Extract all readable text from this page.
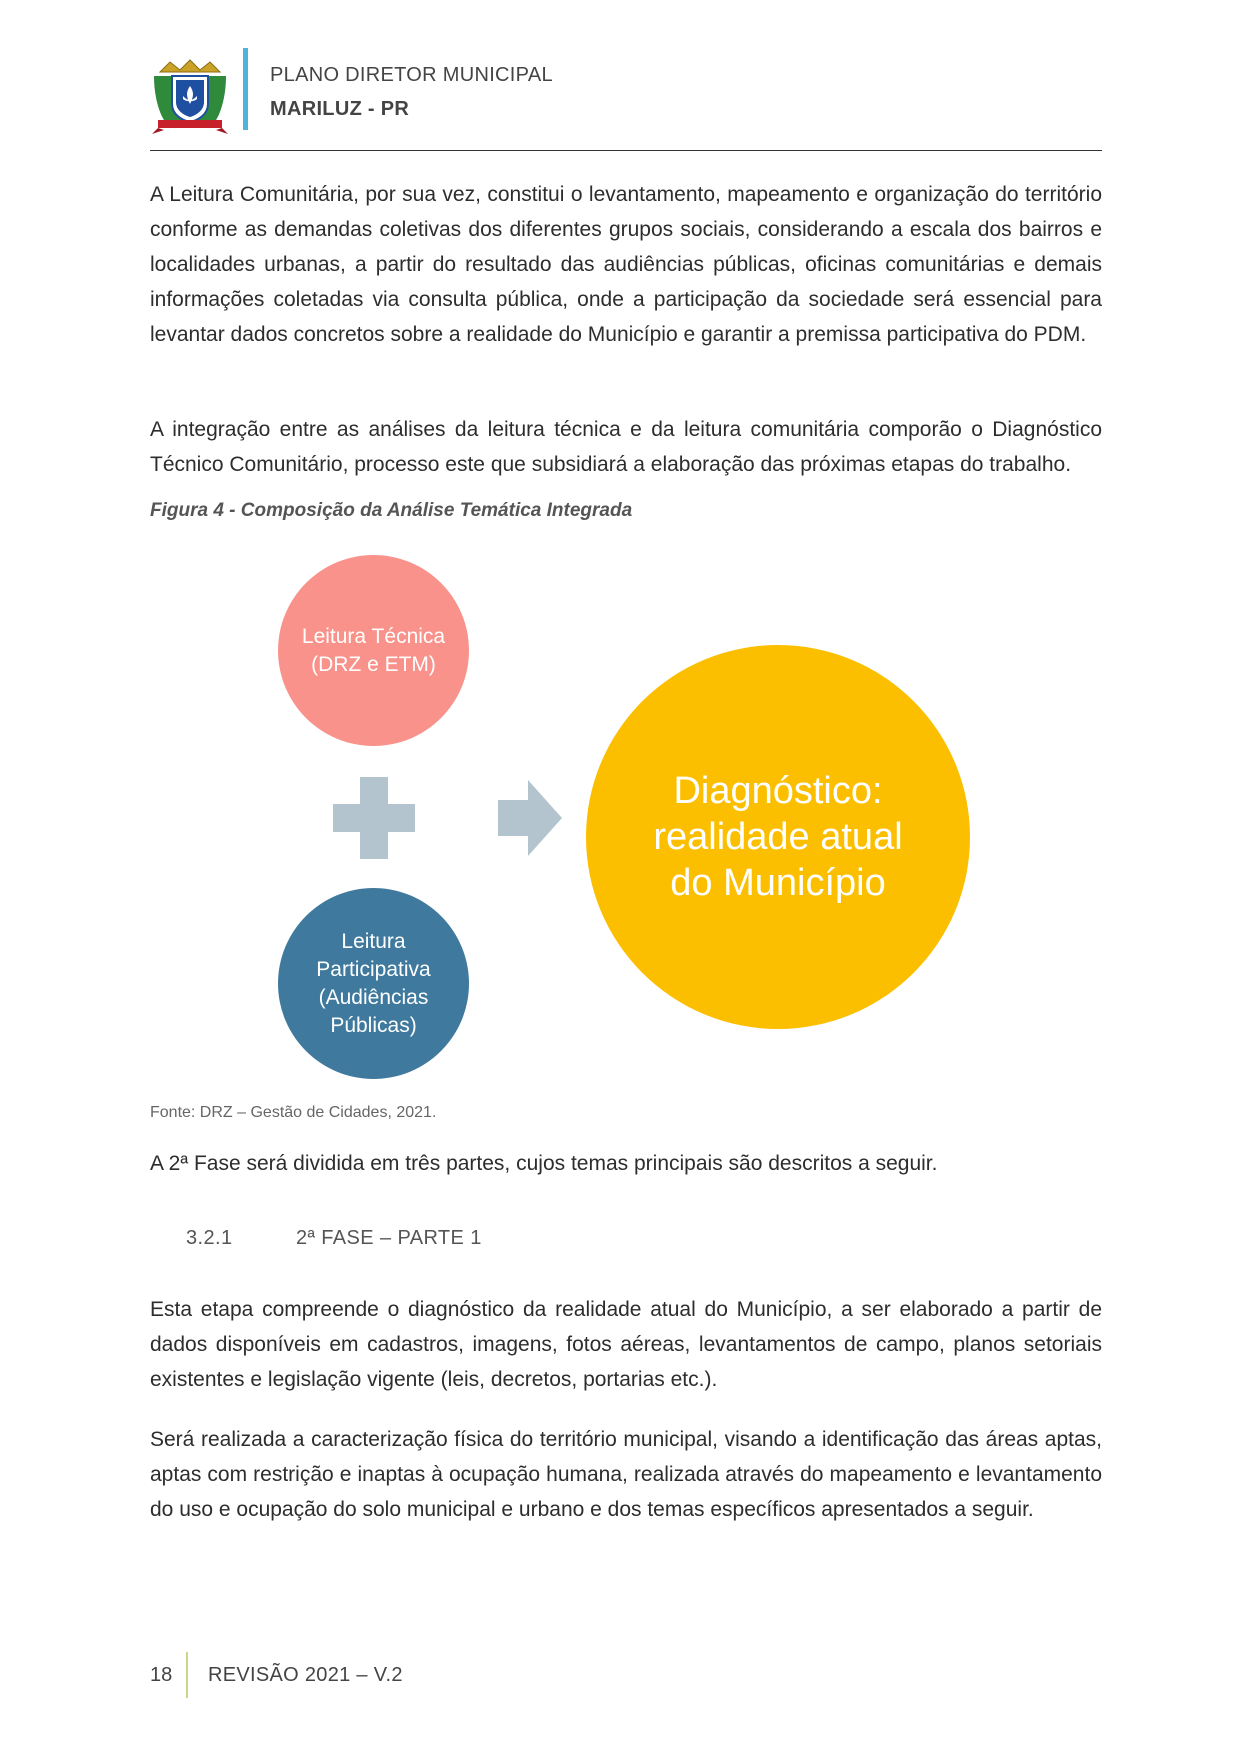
PLANO DIRETOR MUNICIPAL
MARILUZ - PR

A Leitura Comunitária, por sua vez, constitui o levantamento, mapeamento e organização do território conforme as demandas coletivas dos diferentes grupos sociais, considerando a escala dos bairros e localidades urbanas, a partir do resultado das audiências públicas, oficinas comunitárias e demais informações coletadas via consulta pública, onde a participação da sociedade será essencial para levantar dados concretos sobre a realidade do Município e garantir a premissa participativa do PDM.

A integração entre as análises da leitura técnica e da leitura comunitária comporão o Diagnóstico Técnico Comunitário, processo este que subsidiará a elaboração das próximas etapas do trabalho.

Figura 4 - Composição da Análise Temática Integrada
Leitura Técnica (DRZ e ETM)
Leitura Participativa (Audiências Públicas)
Diagnóstico: realidade atual do Município
Fonte: DRZ – Gestão de Cidades, 2021.

A 2ª Fase será dividida em três partes, cujos temas principais são descritos a seguir.

3.2.1	2ª FASE – PARTE 1

Esta etapa compreende o diagnóstico da realidade atual do Município, a ser elaborado a partir de dados disponíveis em cadastros, imagens, fotos aéreas, levantamentos de campo, planos setoriais existentes e legislação vigente (leis, decretos, portarias etc.).

Será realizada a caracterização física do território municipal, visando a identificação das áreas aptas, aptas com restrição e inaptas à ocupação humana, realizada através do mapeamento e levantamento do uso e ocupação do solo municipal e urbano e dos temas específicos apresentados a seguir.

18 REVISÃO 2021 – V.2
